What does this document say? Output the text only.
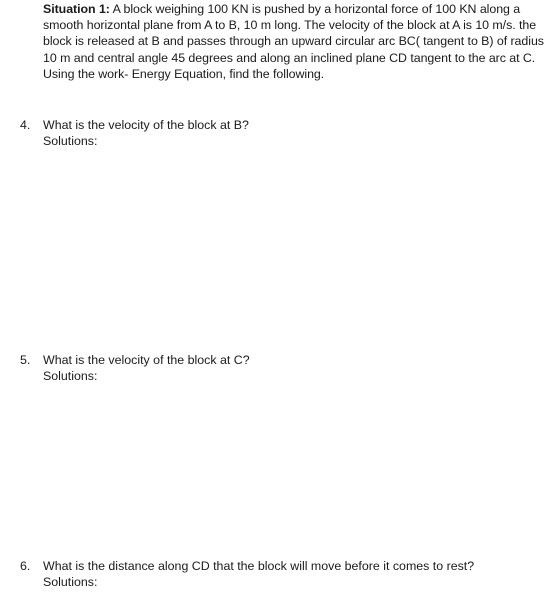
Situation 1: A block weighing 100 KN is pushed by a horizontal force of 100 KN along a smooth horizontal plane from A to B, 10 m long. The velocity of the block at A is 10 m/s. the block is released at B and passes through an upward circular arc BC( tangent to B) of radius 10 m and central angle 45 degrees and along an inclined plane CD tangent to the arc at C. Using the work- Energy Equation, find the following.
4. What is the velocity of the block at B?
Solutions:
5. What is the velocity of the block at C?
Solutions:
6. What is the distance along CD that the block will move before it comes to rest?
Solutions:
